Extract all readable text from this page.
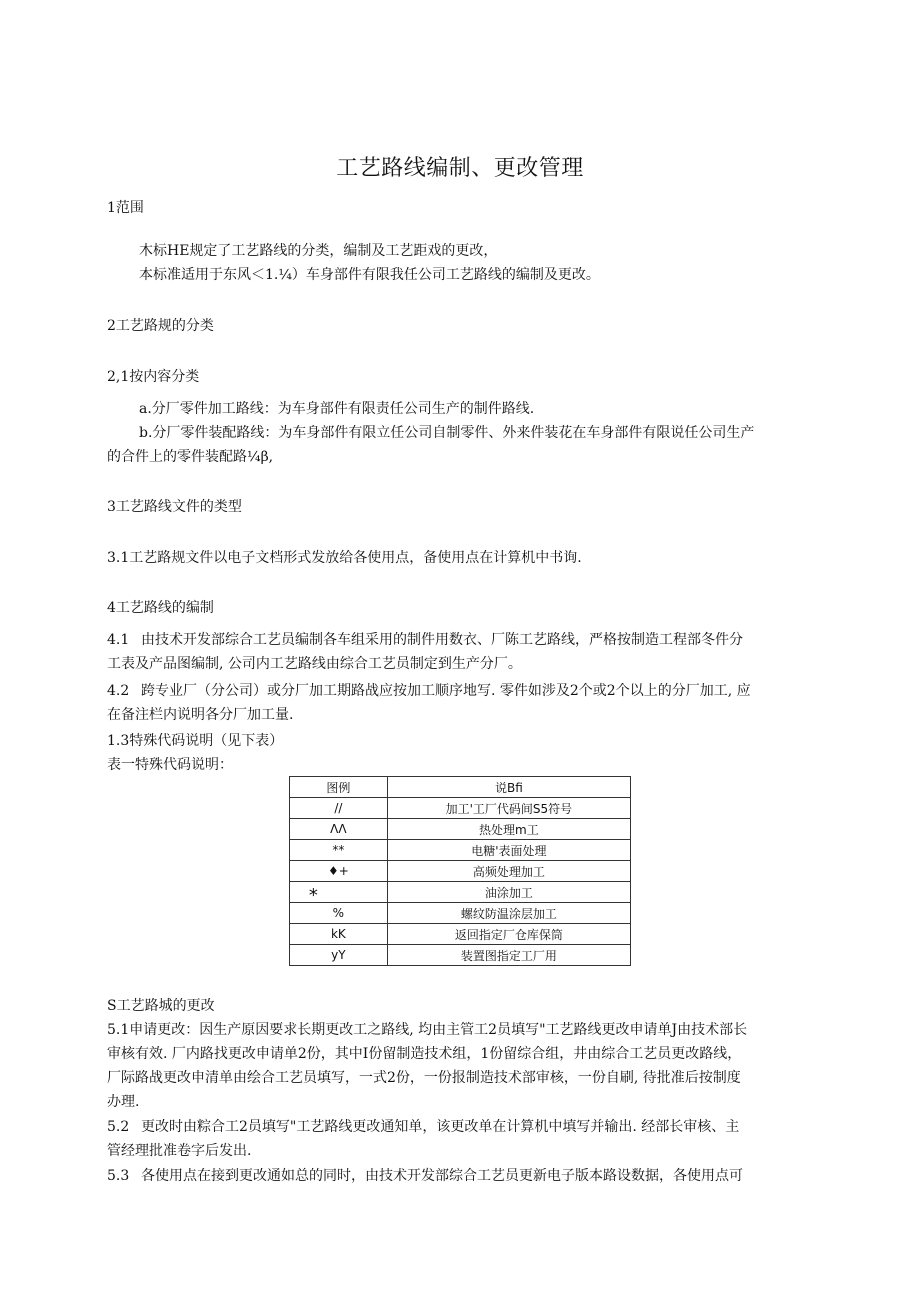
工艺路线编制、更改管理
1范围
木标HE规定了工艺路线的分类，编制及工艺距戏的更改，
本标准适用于东风＜1.¼）车身部件有限我任公司工艺路线的编制及更改。
2工艺路规的分类
2,1按内容分类
a.分厂零件加工路线：为车身部件有限责任公司生产的制件路线.
b.分厂零件装配路线：为车身部件有限立任公司自制零件、外来件装花在车身部件有限说任公司生产
的合件上的零件装配路¼β,
3工艺路线文件的类型
3.1工艺路规文件以电子文档形式发放给各使用点，备使用点在计算机中书询.
4工艺路线的编制
4.1 由技术开发部综合工艺员编制各车组采用的制件用数衣、厂陈工艺路线，严格按制造工程部冬件分
工表及产品图编制, 公司内工艺路线由综合工艺员制定到生产分厂。
4.2 跨专业厂（分公司）或分厂加工期路战应按加工顺序地写. 零件如涉及2个或2个以上的分厂加工, 应
在备注栏内说明各分厂加工量.
1.3特殊代码说明（见下表）
表一特殊代码说明：
图例	说Bfi
//	加工'工厂代码间S5符号
ΛΛ	热处理m工
**	电糖'表面处理
♦+	高频处理加工
*	油涂加工
%	螺纹防温涂层加工
kK	返回指定厂仓库保筒
yY	装置图指定工厂用
S工艺路城的更改
5.1申请更改：因生产原因要求长期更改工之路线, 均由主管工2员填写"工艺路线更改申请单J由技术部长
审核有效. 厂内路找更改申请单2份，其中I份留制造技术组，1份留综合组，井由综合工艺员更改路线，
厂际路战更改申清单由绘合工艺员填写，一式2份，一份报制造技术部审核，一份自刷, 待批准后按制度
办理.
5.2 更改时由粽合工2员填写"工艺路线更改通知单，该更改单在计算机中填写并输出. 经部长审核、主
管经理批准卷字后发出.
5.3 各使用点在接到更改通如总的同时，由技术开发部综合工艺员更新电子版本路设数据，各使用点可
